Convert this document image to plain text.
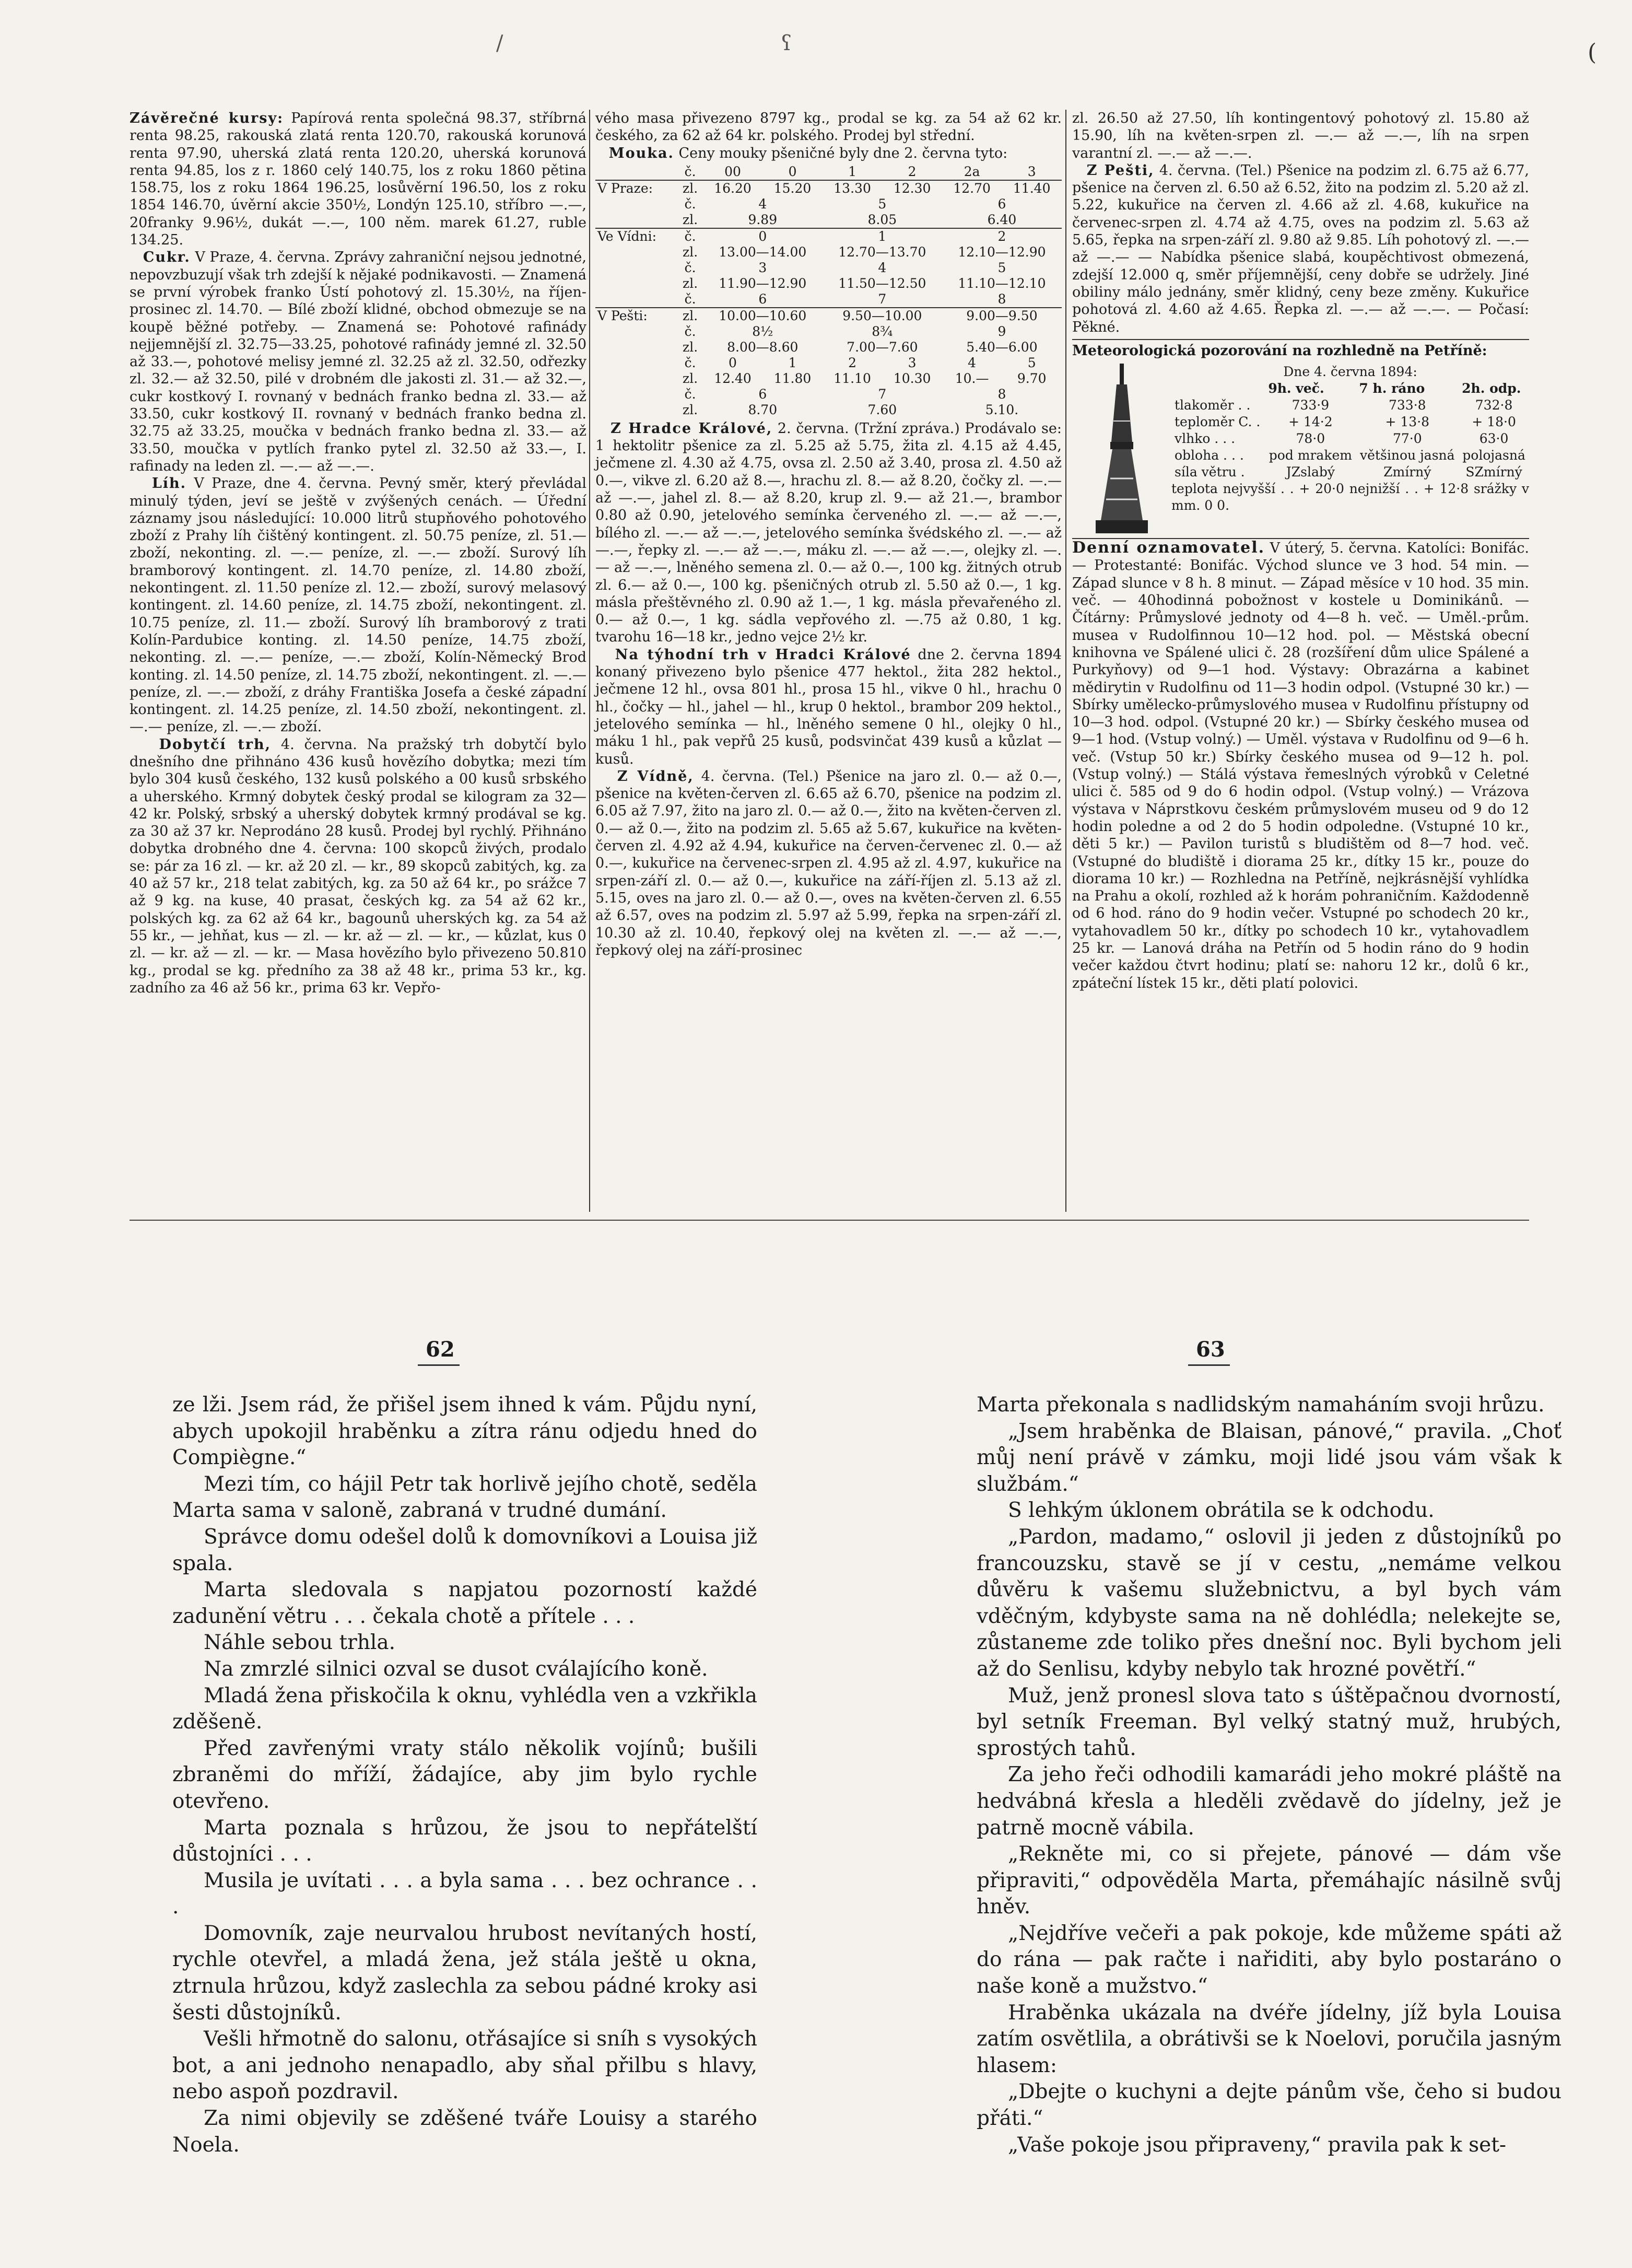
/	ʕ	(

Závěrečné kursy: Papírová renta společná 98.37, stříbrná renta 98.25, rakouská zlatá renta 120.70, rakouská korunová renta 97.90, uherská zlatá renta 120.20, uherská korunová renta 94.85, los z r. 1860 celý 140.75, los z roku 1860 pětina 158.75, los z roku 1864 196.25, losůvěrní 196.50, los z roku 1854 146.70, úvěrní akcie 350½, Londýn 125.10, stříbro —.—, 20franky 9.96½, dukát —.—, 100 něm. marek 61.27, ruble 134.25.

Cukr. V Praze, 4. června. Zprávy zahraniční nejsou jednotné, nepovzbuzují však trh zdejší k nějaké podnikavosti. — Znamená se první výrobek franko Ústí pohotový zl. 15.30½, na říjen-prosinec zl. 14.70. — Bílé zboží klidné, obchod obmezuje se na koupě běžné potřeby. — Znamená se: Pohotové rafinády nejjemnější zl. 32.75—33.25, pohotové rafinády jemné zl. 32.50 až 33.—, pohotové melisy jemné zl. 32.25 až zl. 32.50, odřezky zl. 32.— až 32.50, pilé v drobném dle jakosti zl. 31.— až 32.—, cukr kostkový I. rovnaný v bednách franko bedna zl. 33.— až 33.50, cukr kostkový II. rovnaný v bednách franko bedna zl. 32.75 až 33.25, moučka v bednách franko bedna zl. 33.— až 33.50, moučka v pytlích franko pytel zl. 32.50 až 33.—, I. rafinady na leden zl. —.— až —.—.

Líh. V Praze, dne 4. června. Pevný směr, který převládal minulý týden, jeví se ještě v zvýšených cenách. — Úřední záznamy jsou následující: 10.000 litrů stupňového pohotového zboží z Prahy líh čištěný kontingent. zl. 50.75 peníze, zl. 51.— zboží, nekonting. zl. —.— peníze, zl. —.— zboží. Surový líh bramborový kontingent. zl. 14.70 peníze, zl. 14.80 zboží, nekontingent. zl. 11.50 peníze zl. 12.— zboží, surový melasový kontingent. zl. 14.60 peníze, zl. 14.75 zboží, nekontingent. zl. 10.75 peníze, zl. 11.— zboží. Surový líh bramborový z trati Kolín-Pardubice konting. zl. 14.50 peníze, 14.75 zboží, nekonting. zl. —.— peníze, —.— zboží, Kolín-Německý Brod konting. zl. 14.50 peníze, zl. 14.75 zboží, nekontingent. zl. —.— peníze, zl. —.— zboží, z dráhy Františka Josefa a české západní kontingent. zl. 14.25 peníze, zl. 14.50 zboží, nekontingent. zl. —.— peníze, zl. —.— zboží.

Dobytčí trh, 4. června. Na pražský trh dobytčí bylo dnešního dne přihnáno 436 kusů hovězího dobytka; mezi tím bylo 304 kusů českého, 132 kusů polského a 00 kusů srbského a uherského. Krmný dobytek český prodal se kilogram za 32—42 kr. Polský, srbský a uherský dobytek krmný prodával se kg. za 30 až 37 kr. Neprodáno 28 kusů. Prodej byl rychlý. Přihnáno dobytka drobného dne 4. června: 100 skopců živých, prodalo se: pár za 16 zl. — kr. až 20 zl. — kr., 89 skopců zabitých, kg. za 40 až 57 kr., 218 telat zabitých, kg. za 50 až 64 kr., po srážce 7 až 9 kg. na kuse, 40 prasat, českých kg. za 54 až 62 kr., polských kg. za 62 až 64 kr., bagounů uherských kg. za 54 až 55 kr., — jehňat, kus — zl. — kr. až — zl. — kr., — kůzlat, kus 0 zl. — kr. až — zl. — kr. — Masa hovězího bylo přivezeno 50.810 kg., prodal se kg. předního za 38 až 48 kr., prima 53 kr., kg. zadního za 46 až 56 kr., prima 63 kr. Vepřo-

vého masa přivezeno 8797 kg., prodal se kg. za 54 až 62 kr. českého, za 62 až 64 kr. polského. Prodej byl střední.

Mouka. Ceny mouky pšeničné byly dne 2. června tyto:

	č.	00	0	1	2	2a	3
V Praze:	zl.	16.20	15.20	13.30	12.30	12.70	11.40
	č.	4		5		6	
	zl.	9.89		8.05		6.40	
Ve Vídni:	č.	0		1		2	
	zl.	13.00—14.00		12.70—13.70		12.10—12.90	
	č.	3		4		5	
	zl.	11.90—12.90		11.50—12.50		11.10—12.10	
	č.	6		7		8	
V Pešti:	zl.	10.00—10.60		9.50—10.00		9.00—9.50	
	č.	8½		8¾		9	
	zl.	8.00—8.60		7.00—7.60		5.40—6.00	
	č.	0	1	2	3	4	5
	zl.	12.40	11.80	11.10	10.30	10.—	9.70
	č.	6		7		8	
	zl.	8.70		7.60		5.10.	

Z Hradce Králové, 2. června. (Tržní zpráva.) Prodávalo se: 1 hektolitr pšenice za zl. 5.25 až 5.75, žita zl. 4.15 až 4.45, ječmene zl. 4.30 až 4.75, ovsa zl. 2.50 až 3.40, prosa zl. 4.50 až 0.—, vikve zl. 6.20 až 8.—, hrachu zl. 8.— až 8.20, čočky zl. —.— až —.—, jahel zl. 8.— až 8.20, krup zl. 9.— až 21.—, brambor 0.80 až 0.90, jetelového semínka červeného zl. —.— až —.—, bílého zl. —.— až —.—, jetelového semínka švédského zl. —.— až —.—, řepky zl. —.— až —.—, máku zl. —.— až —.—, olejky zl. —.— až —.—, lněného semena zl. 0.— až 0.—, 100 kg. žitných otrub zl. 6.— až 0.—, 100 kg. pšeničných otrub zl. 5.50 až 0.—, 1 kg. másla přeštěvného zl. 0.90 až 1.—, 1 kg. másla převařeného zl. 0.— až 0.—, 1 kg. sádla vepřového zl. —.75 až 0.80, 1 kg. tvarohu 16—18 kr., jedno vejce 2½ kr.

Na týhodní trh v Hradci Králové dne 2. června 1894 konaný přivezeno bylo pšenice 477 hektol., žita 282 hektol., ječmene 12 hl., ovsa 801 hl., prosa 15 hl., vikve 0 hl., hrachu 0 hl., čočky — hl., jahel — hl., krup 0 hektol., brambor 209 hektol., jetelového semínka — hl., lněného semene 0 hl., olejky 0 hl., máku 1 hl., pak vepřů 25 kusů, podsvinčat 439 kusů a kůzlat — kusů.

Z Vídně, 4. června. (Tel.) Pšenice na jaro zl. 0.— až 0.—, pšenice na květen-červen zl. 6.65 až 6.70, pšenice na podzim zl. 6.05 až 7.97, žito na jaro zl. 0.— až 0.—, žito na květen-červen zl. 0.— až 0.—, žito na podzim zl. 5.65 až 5.67, kukuřice na květen-červen zl. 4.92 až 4.94, kukuřice na červen-červenec zl. 0.— až 0.—, kukuřice na červenec-srpen zl. 4.95 až zl. 4.97, kukuřice na srpen-září zl. 0.— až 0.—, kukuřice na září-říjen zl. 5.13 až zl. 5.15, oves na jaro zl. 0.— až 0.—, oves na květen-červen zl. 6.55 až 6.57, oves na podzim zl. 5.97 až 5.99, řepka na srpen-září zl. 10.30 až zl. 10.40, řepkový olej na květen zl. —.— až —.—, řepkový olej na září-prosinec

zl. 26.50 až 27.50, líh kontingentový pohotový zl. 15.80 až 15.90, líh na květen-srpen zl. —.— až —.—, líh na srpen varantní zl. —.— až —.—.

Z Pešti, 4. června. (Tel.) Pšenice na podzim zl. 6.75 až 6.77, pšenice na červen zl. 6.50 až 6.52, žito na podzim zl. 5.20 až zl. 5.22, kukuřice na červen zl. 4.66 až zl. 4.68, kukuřice na červenec-srpen zl. 4.74 až 4.75, oves na podzim zl. 5.63 až 5.65, řepka na srpen-září zl. 9.80 až 9.85. Líh pohotový zl. —.— až —.— — Nabídka pšenice slabá, koupěchtivost obmezená, zdejší 12.000 q, směr příjemnější, ceny dobře se udržely. Jiné obiliny málo jednány, směr klidný, ceny beze změny. Kukuřice pohotová zl. 4.60 až 4.65. Řepka zl. —.— až —.—. — Počasí: Pěkné.

Meteorologická pozorování na rozhledně na Petříně:
Dne 4. června 1894:
	9h. več.	7 h. ráno	2h. odp.
tlakoměr . .	733·9	733·8	732·8
teploměr C. .	+ 14·2	+ 13·8	+ 18·0
vlhko . . .	78·0	77·0	63·0
obloha . . .	pod mrakem	většinou jasná	polojasná
síla větru .	JZslabý	Zmírný	SZmírný
teplota nejvyšší . . + 20·0 nejnižší . . + 12·8 srážky v mm. 0 0.

Denní oznamovatel. V úterý, 5. června. Katolíci: Bonifác. — Protestanté: Bonifác. Východ slunce ve 3 hod. 54 min. — Západ slunce v 8 h. 8 minut. — Západ měsíce v 10 hod. 35 min. več. — 40hodinná pobožnost v kostele u Dominikánů. — Čítárny: Průmyslové jednoty od 4—8 h. več. — Uměl.-prům. musea v Rudolfinnou 10—12 hod. pol. — Městská obecní knihovna ve Spálené ulici č. 28 (rozšíření dům ulice Spálené a Purkyňovy) od 9—1 hod. Výstavy: Obrazárna a kabinet mědirytin v Rudolfinu od 11—3 hodin odpol. (Vstupné 30 kr.) — Sbírky umělecko-průmyslového musea v Rudolfinu přístupny od 10—3 hod. odpol. (Vstupné 20 kr.) — Sbírky českého musea od 9—1 hod. (Vstup volný.) — Uměl. výstava v Rudolfinu od 9—6 h. več. (Vstup 50 kr.) Sbírky českého musea od 9—12 h. pol. (Vstup volný.) — Stálá výstava řemeslných výrobků v Celetné ulici č. 585 od 9 do 6 hodin odpol. (Vstup volný.) — Vrázova výstava v Náprstkovu českém průmyslovém museu od 9 do 12 hodin poledne a od 2 do 5 hodin odpoledne. (Vstupné 10 kr., děti 5 kr.) — Pavilon turistů s bludištěm od 8—7 hod. več. (Vstupné do bludiště i diorama 25 kr., dítky 15 kr., pouze do diorama 10 kr.) — Rozhledna na Petříně, nejkrásnější vyhlídka na Prahu a okolí, rozhled až k horám pohraničním. Každodenně od 6 hod. ráno do 9 hodin večer. Vstupné po schodech 20 kr., vytahovadlem 50 kr., dítky po schodech 10 kr., vytahovadlem 25 kr. — Lanová dráha na Petřín od 5 hodin ráno do 9 hodin večer každou čtvrt hodinu; platí se: nahoru 12 kr., dolů 6 kr., zpáteční lístek 15 kr., děti platí polovici.

62	63

ze lži. Jsem rád, že přišel jsem ihned k vám. Půjdu nyní, abych upokojil hraběnku a zítra ránu odjedu hned do Compiègne.“

Mezi tím, co hájil Petr tak horlivě jejího chotě, seděla Marta sama v saloně, zabraná v trudné dumání.

Správce domu odešel dolů k domovníkovi a Louisa již spala.

Marta sledovala s napjatou pozorností každé zadunění větru . . . čekala chotě a přítele . . .

Náhle sebou trhla.

Na zmrzlé silnici ozval se dusot cválajícího koně.

Mladá žena přiskočila k oknu, vyhlédla ven a vzkřikla zděšeně.

Před zavřenými vraty stálo několik vojínů; bušili zbraněmi do mříží, žádajíce, aby jim bylo rychle otevřeno.

Marta poznala s hrůzou, že jsou to nepřátelští důstojníci . . .

Musila je uvítati . . . a byla sama . . . bez ochrance . . .

Domovník, zaje neurvalou hrubost nevítaných hostí, rychle otevřel, a mladá žena, jež stála ještě u okna, ztrnula hrůzou, když zaslechla za sebou pádné kroky asi šesti důstojníků.

Vešli hřmotně do salonu, otřásajíce si sníh s vysokých bot, a ani jednoho nenapadlo, aby sňal přilbu s hlavy, nebo aspoň pozdravil.

Za nimi objevily se zděšené tváře Louisy a starého Noela.

Marta překonala s nadlidským namaháním svoji hrůzu.

„Jsem hraběnka de Blaisan, pánové,“ pravila. „Choť můj není právě v zámku, moji lidé jsou vám však k službám.“

S lehkým úklonem obrátila se k odchodu.

„Pardon, madamo,“ oslovil ji jeden z důstojníků po francouzsku, stavě se jí v cestu, „nemáme velkou důvěru k vašemu služebnictvu, a byl bych vám vděčným, kdybyste sama na ně dohlédla; nelekejte se, zůstaneme zde toliko přes dnešní noc. Byli bychom jeli až do Senlisu, kdyby nebylo tak hrozné povětří.“

Muž, jenž pronesl slova tato s úštěpačnou dvorností, byl setník Freeman. Byl velký statný muž, hrubých, sprostých tahů.

Za jeho řeči odhodili kamarádi jeho mokré pláště na hedvábná křesla a hleděli zvědavě do jídelny, jež je patrně mocně vábila.

„Rekněte mi, co si přejete, pánové — dám vše připraviti,“ odpověděla Marta, přemáhajíc násilně svůj hněv.

„Nejdříve večeři a pak pokoje, kde můžeme spáti až do rána — pak račte i nařiditi, aby bylo postaráno o naše koně a mužstvo.“

Hraběnka ukázala na dvéře jídelny, jíž byla Louisa zatím osvětlila, a obrátivši se k Noelovi, poručila jasným hlasem:

„Dbejte o kuchyni a dejte pánům vše, čeho si budou přáti.“

„Vaše pokoje jsou připraveny,“ pravila pak k set-
